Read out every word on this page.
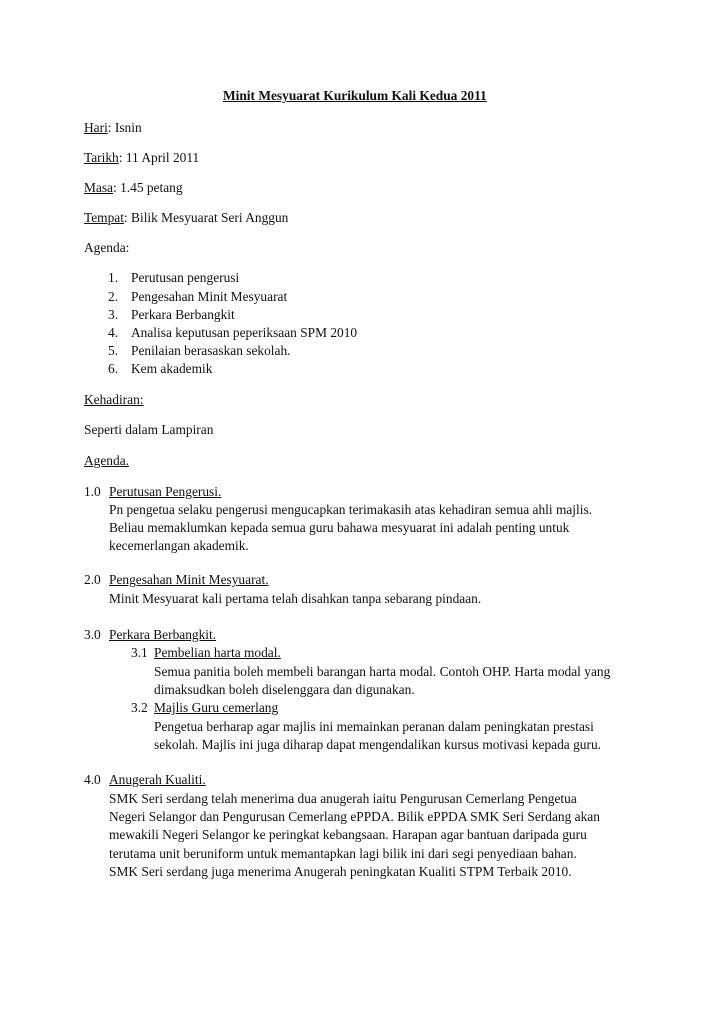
Minit Mesyuarat Kurikulum Kali Kedua 2011
Hari: Isnin
Tarikh: 11 April 2011
Masa: 1.45 petang
Tempat: Bilik Mesyuarat Seri Anggun
Agenda:
1. Perutusan pengerusi
2. Pengesahan Minit Mesyuarat
3. Perkara Berbangkit
4. Analisa keputusan peperiksaan SPM 2010
5. Penilaian berasaskan sekolah.
6. Kem akademik
Kehadiran:
Seperti dalam Lampiran
Agenda.
1.0 Perutusan Pengerusi.
Pn pengetua selaku pengerusi mengucapkan terimakasih atas kehadiran semua ahli majlis.
Beliau memaklumkan kepada semua guru bahawa mesyuarat ini adalah penting untuk
kecemerlangan akademik.
2.0 Pengesahan Minit Mesyuarat.
Minit Mesyuarat kali pertama telah disahkan tanpa sebarang pindaan.
3.0 Perkara Berbangkit.
3.1 Pembelian harta modal.
Semua panitia boleh membeli barangan harta modal. Contoh OHP. Harta modal yang
dimaksudkan boleh diselenggara dan digunakan.
3.2 Majlis Guru cemerlang
Pengetua berharap agar majlis ini memainkan peranan dalam peningkatan prestasi
sekolah. Majlis ini juga diharap dapat mengendalikan kursus motivasi kepada guru.
4.0 Anugerah Kualiti.
SMK Seri serdang telah menerima dua anugerah iaitu Pengurusan Cemerlang Pengetua
Negeri Selangor dan Pengurusan Cemerlang ePPDA. Bilik ePPDA SMK Seri Serdang akan
mewakili Negeri Selangor ke peringkat kebangsaan. Harapan agar bantuan daripada guru
terutama unit beruniform untuk memantapkan lagi bilik ini dari segi penyediaan bahan.
SMK Seri serdang juga menerima Anugerah peningkatan Kualiti STPM Terbaik 2010.
